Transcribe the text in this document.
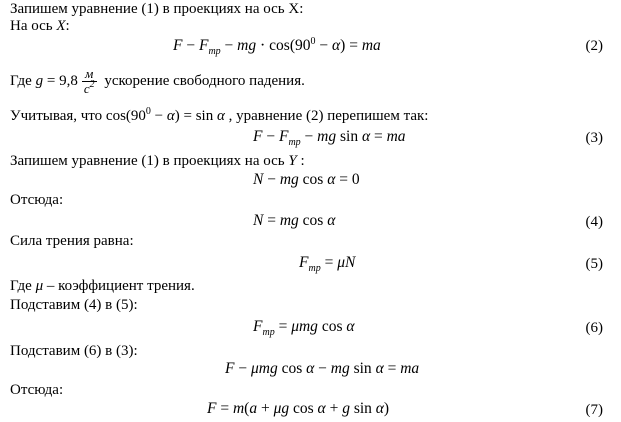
Запишем уравнение (1) в проекциях на ось X:
На ось X:
$F - F_{тр}$ − mg ⋅ $\cos(90^0 - \alpha)$ = ma	(2)
Где $g = 9,8 \frac{м}{с^2}$ ускорение свободного падения.
Учитывая, что $\cos(90^0 - \alpha) = \sin \alpha$ , уравнение (2) перепишем так:
$F - F_{тр}$ − mg sin α = ma	(3)
Запишем уравнение (1) в проекциях на ось Y :
N − mg cos α = 0
Отсюда:
N = mg cos α	(4)
Сила трения равна:
$F_{тр} = \mu N$	(5)
Где μ – коэффициент трения.
Подставим (4) в (5):
$F_{тр} = \mu mg$ cos α	(6)
Подставим (6) в (3):
F − μmg cos α − mg sin α = ma
Отсюда:
F = m(a + μg cos α + g sin α)	(7)
